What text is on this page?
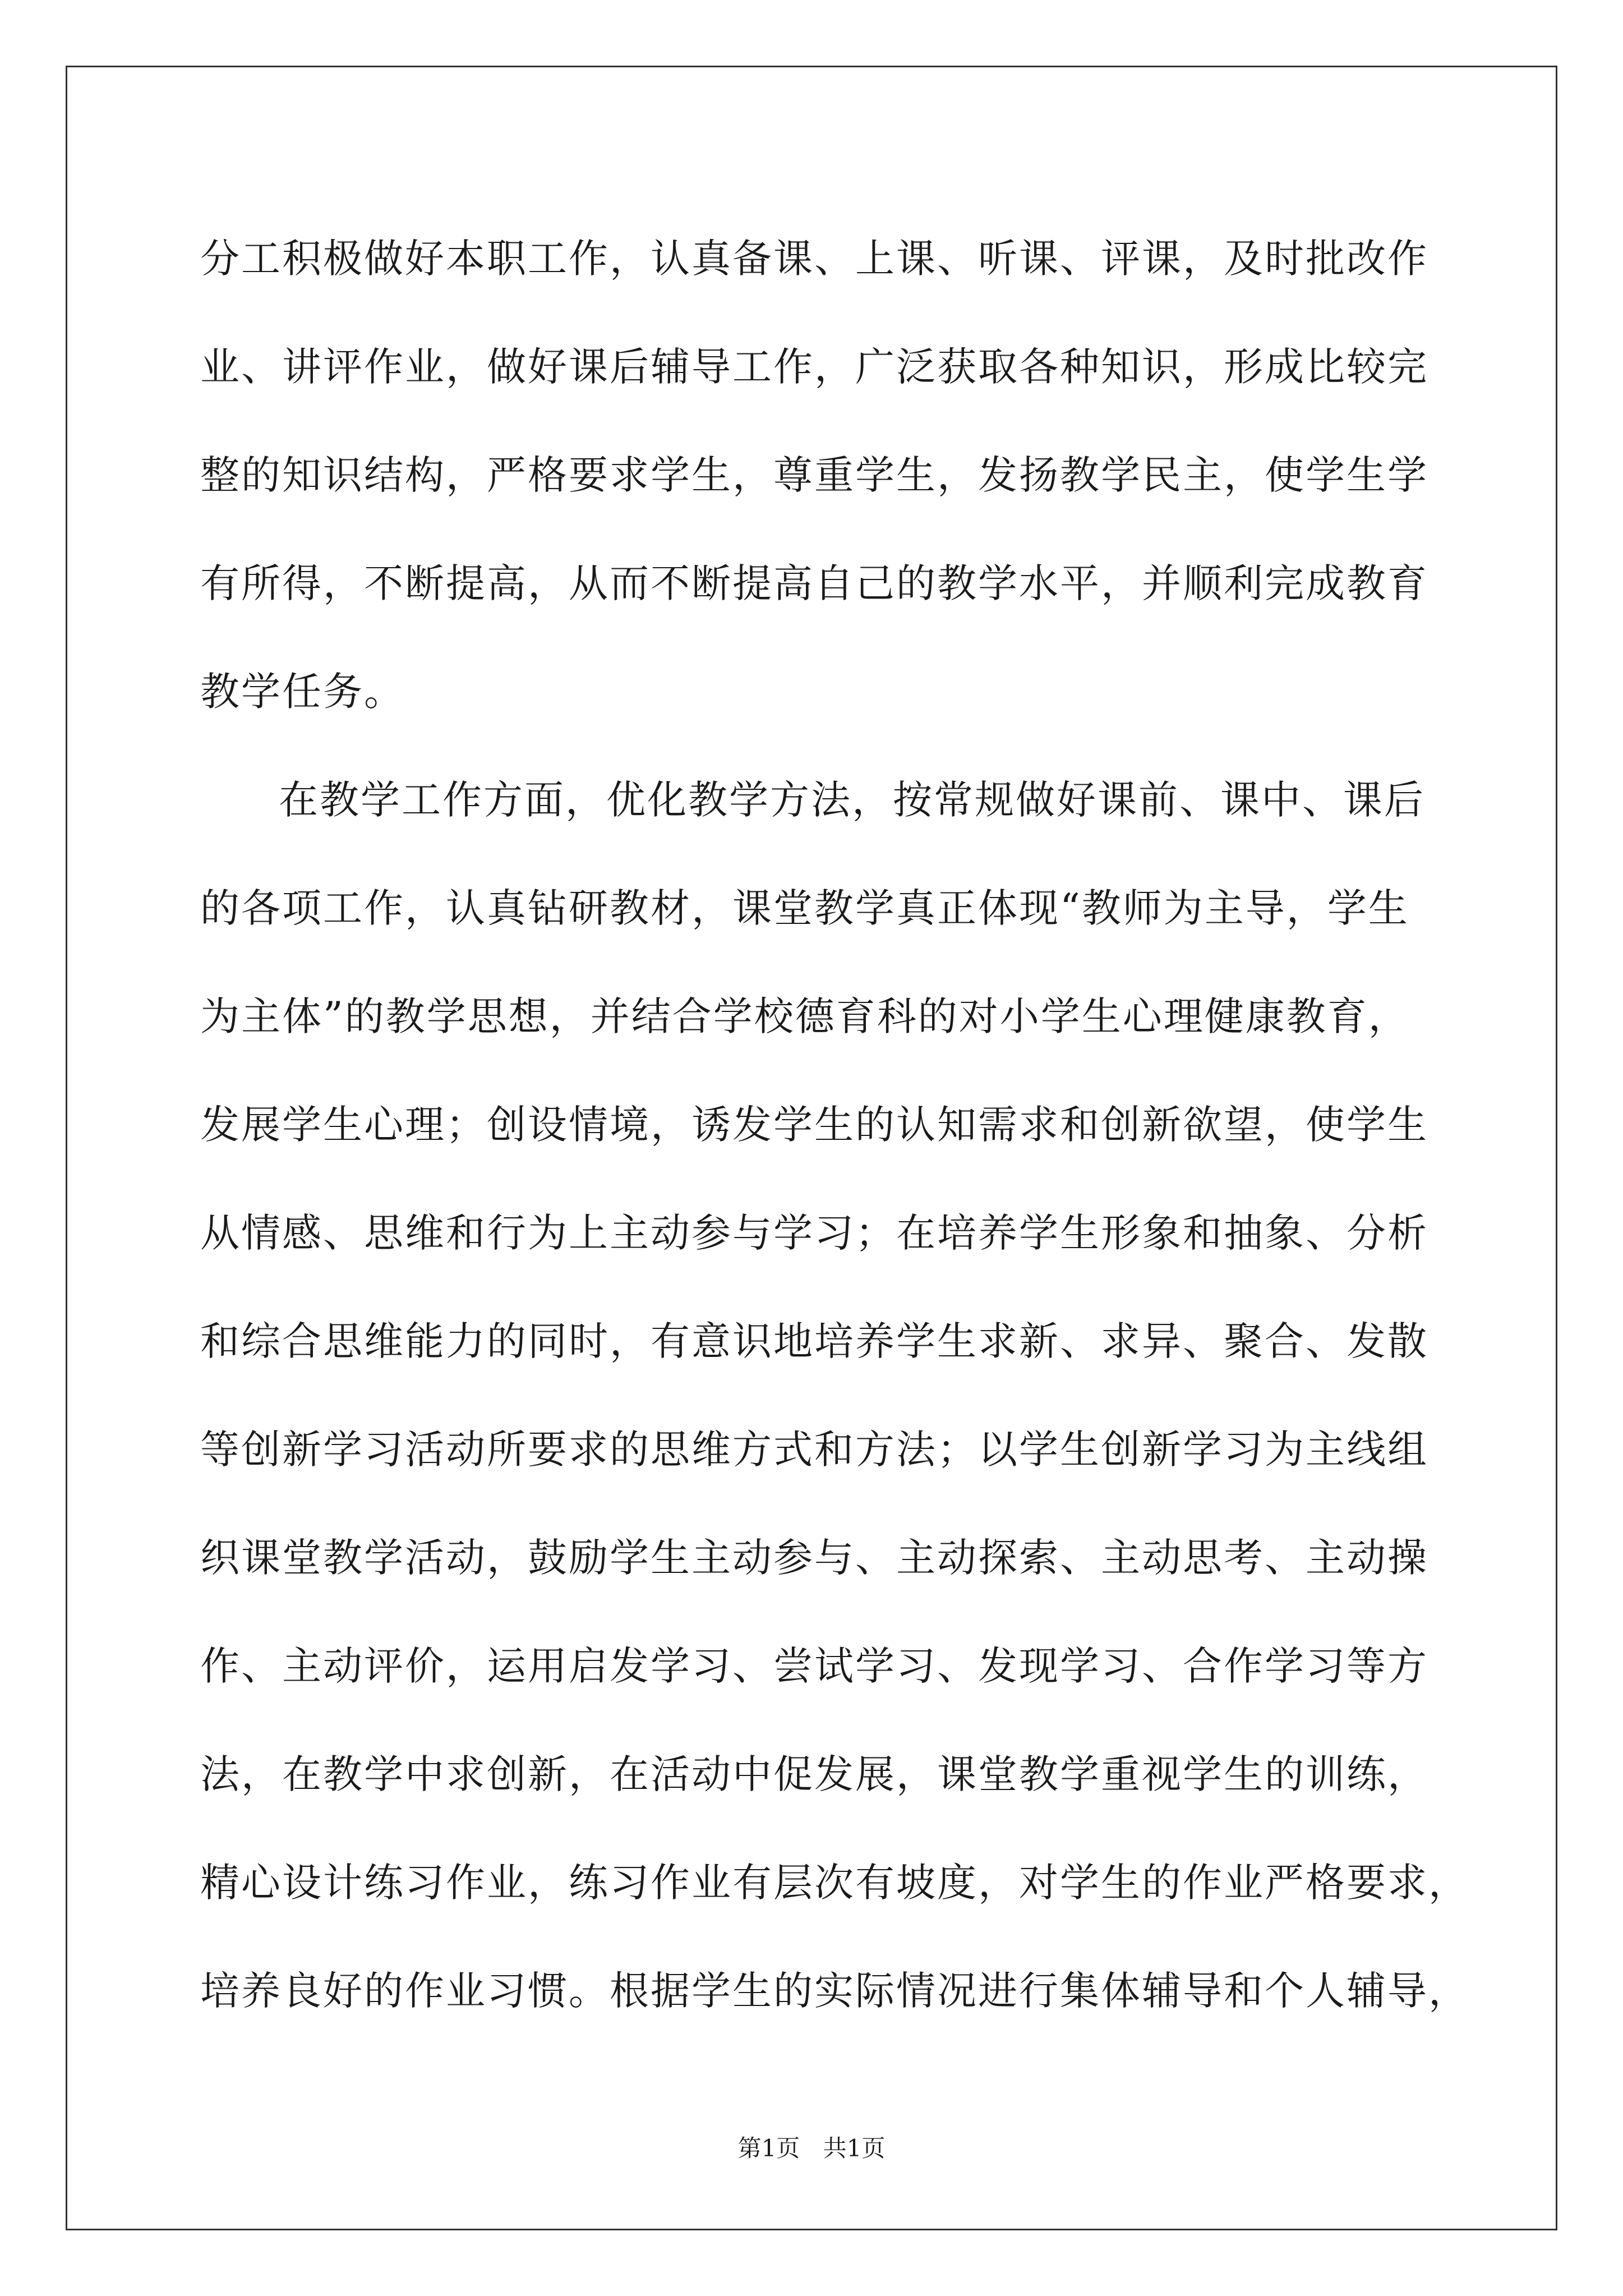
分工积极做好本职工作，认真备课、上课、听课、评课，及时批改作
业、讲评作业，做好课后辅导工作，广泛获取各种知识，形成比较完
整的知识结构，严格要求学生，尊重学生，发扬教学民主，使学生学
有所得，不断提高，从而不断提高自己的教学水平，并顺利完成教育
教学任务。
在教学工作方面，优化教学方法，按常规做好课前、课中、课后
的各项工作，认真钻研教材，课堂教学真正体现“教师为主导，学生
为主体”的教学思想，并结合学校德育科的对小学生心理健康教育，
发展学生心理；创设情境，诱发学生的认知需求和创新欲望，使学生
从情感、思维和行为上主动参与学习；在培养学生形象和抽象、分析
和综合思维能力的同时，有意识地培养学生求新、求异、聚合、发散
等创新学习活动所要求的思维方式和方法；以学生创新学习为主线组
织课堂教学活动，鼓励学生主动参与、主动探索、主动思考、主动操
作、主动评价，运用启发学习、尝试学习、发现学习、合作学习等方
法，在教学中求创新，在活动中促发展，课堂教学重视学生的训练，
精心设计练习作业，练习作业有层次有坡度，对学生的作业严格要求，
培养良好的作业习惯。根据学生的实际情况进行集体辅导和个人辅导，
第1页 共1页
